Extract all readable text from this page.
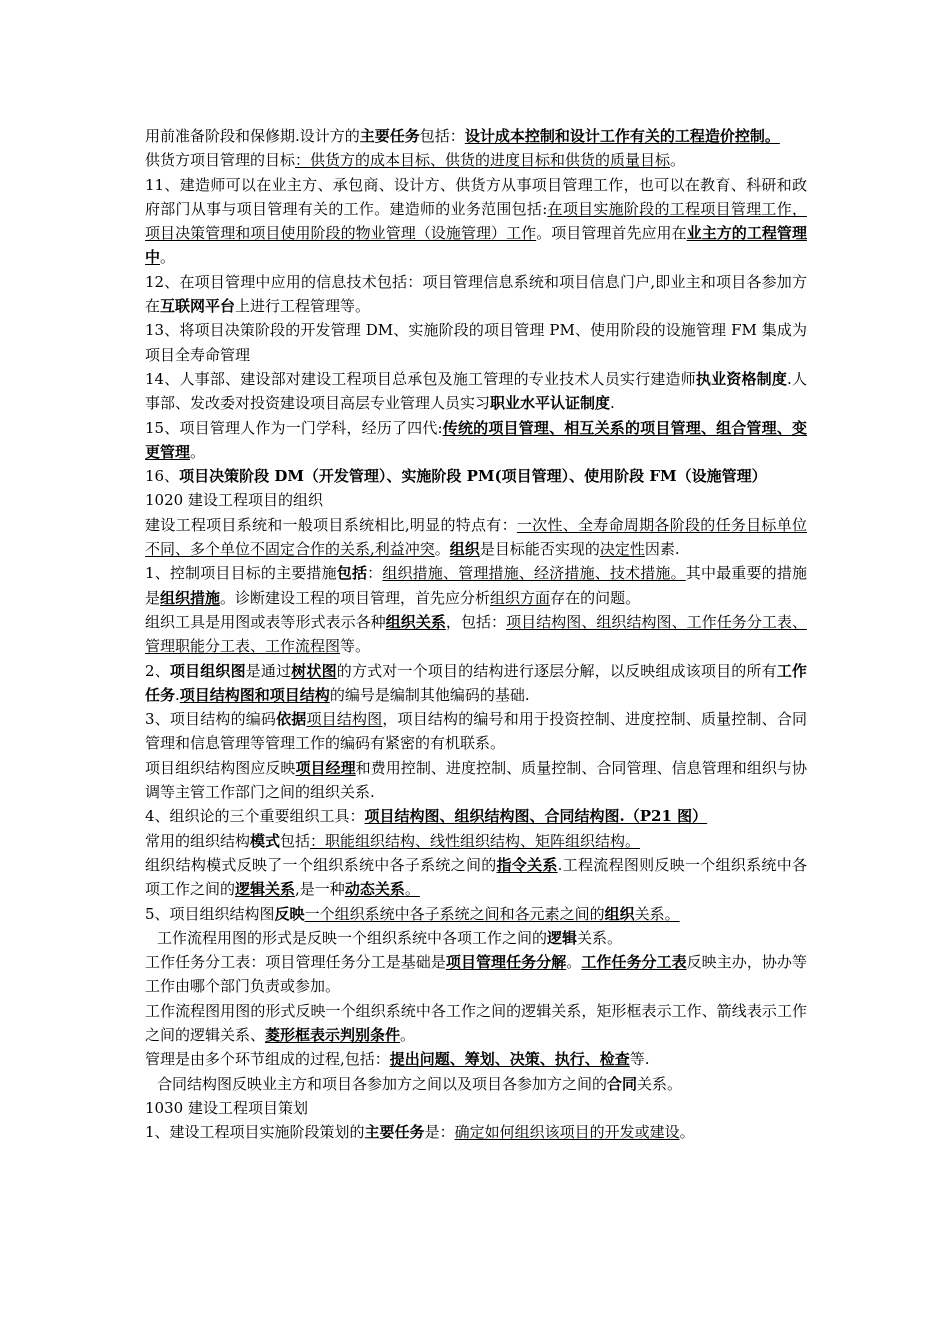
用前准备阶段和保修期.设计方的主要任务包括：设计成本控制和设计工作有关的工程造价控制。

供货方项目管理的目标：供货方的成本目标、供货的进度目标和供货的质量目标。

11、建造师可以在业主方、承包商、设计方、供货方从事项目管理工作，也可以在教育、科研和政府部门从事与项目管理有关的工作。建造师的业务范围包括:在项目实施阶段的工程项目管理工作，项目决策管理和项目使用阶段的物业管理（设施管理）工作。项目管理首先应用在业主方的工程管理中。

12、在项目管理中应用的信息技术包括：项目管理信息系统和项目信息门户,即业主和项目各参加方在互联网平台上进行工程管理等。

13、将项目决策阶段的开发管理 DM、实施阶段的项目管理 PM、使用阶段的设施管理 FM 集成为项目全寿命管理

14、人事部、建设部对建设工程项目总承包及施工管理的专业技术人员实行建造师执业资格制度.人事部、发改委对投资建设项目高层专业管理人员实习职业水平认证制度.

15、项目管理人作为一门学科，经历了四代:传统的项目管理、相互关系的项目管理、组合管理、变更管理。

16、项目决策阶段 DM（开发管理）、实施阶段 PM(项目管理）、使用阶段 FM（设施管理）

1020 建设工程项目的组织

建设工程项目系统和一般项目系统相比,明显的特点有：一次性、全寿命周期各阶段的任务目标单位不同、多个单位不固定合作的关系,利益冲突。组织是目标能否实现的决定性因素.

1、控制项目目标的主要措施包括：组织措施、管理措施、经济措施、技术措施。其中最重要的措施是组织措施。诊断建设工程的项目管理，首先应分析组织方面存在的问题。

组织工具是用图或表等形式表示各种组织关系，包括：项目结构图、组织结构图、工作任务分工表、管理职能分工表、工作流程图等。

2、项目组织图是通过树状图的方式对一个项目的结构进行逐层分解，以反映组成该项目的所有工作任务.项目结构图和项目结构的编号是编制其他编码的基础.

3、项目结构的编码依据项目结构图，项目结构的编号和用于投资控制、进度控制、质量控制、合同管理和信息管理等管理工作的编码有紧密的有机联系。

项目组织结构图应反映项目经理和费用控制、进度控制、质量控制、合同管理、信息管理和组织与协调等主管工作部门之间的组织关系.

4、组织论的三个重要组织工具：项目结构图、组织结构图、合同结构图.（P21 图）

常用的组织结构模式包括：职能组织结构、线性组织结构、矩阵组织结构。

组织结构模式反映了一个组织系统中各子系统之间的指令关系.工程流程图则反映一个组织系统中各项工作之间的逻辑关系,是一种动态关系。

5、项目组织结构图反映一个组织系统中各子系统之间和各元素之间的组织关系。

工作流程用图的形式是反映一个组织系统中各项工作之间的逻辑关系。

工作任务分工表：项目管理任务分工是基础是项目管理任务分解。工作任务分工表反映主办，协办等工作由哪个部门负责或参加。

工作流程图用图的形式反映一个组织系统中各工作之间的逻辑关系，矩形框表示工作、箭线表示工作之间的逻辑关系、菱形框表示判别条件。

管理是由多个环节组成的过程,包括：提出问题、筹划、决策、执行、检查等.

合同结构图反映业主方和项目各参加方之间以及项目各参加方之间的合同关系。

1030 建设工程项目策划

1、建设工程项目实施阶段策划的主要任务是：确定如何组织该项目的开发或建设。
